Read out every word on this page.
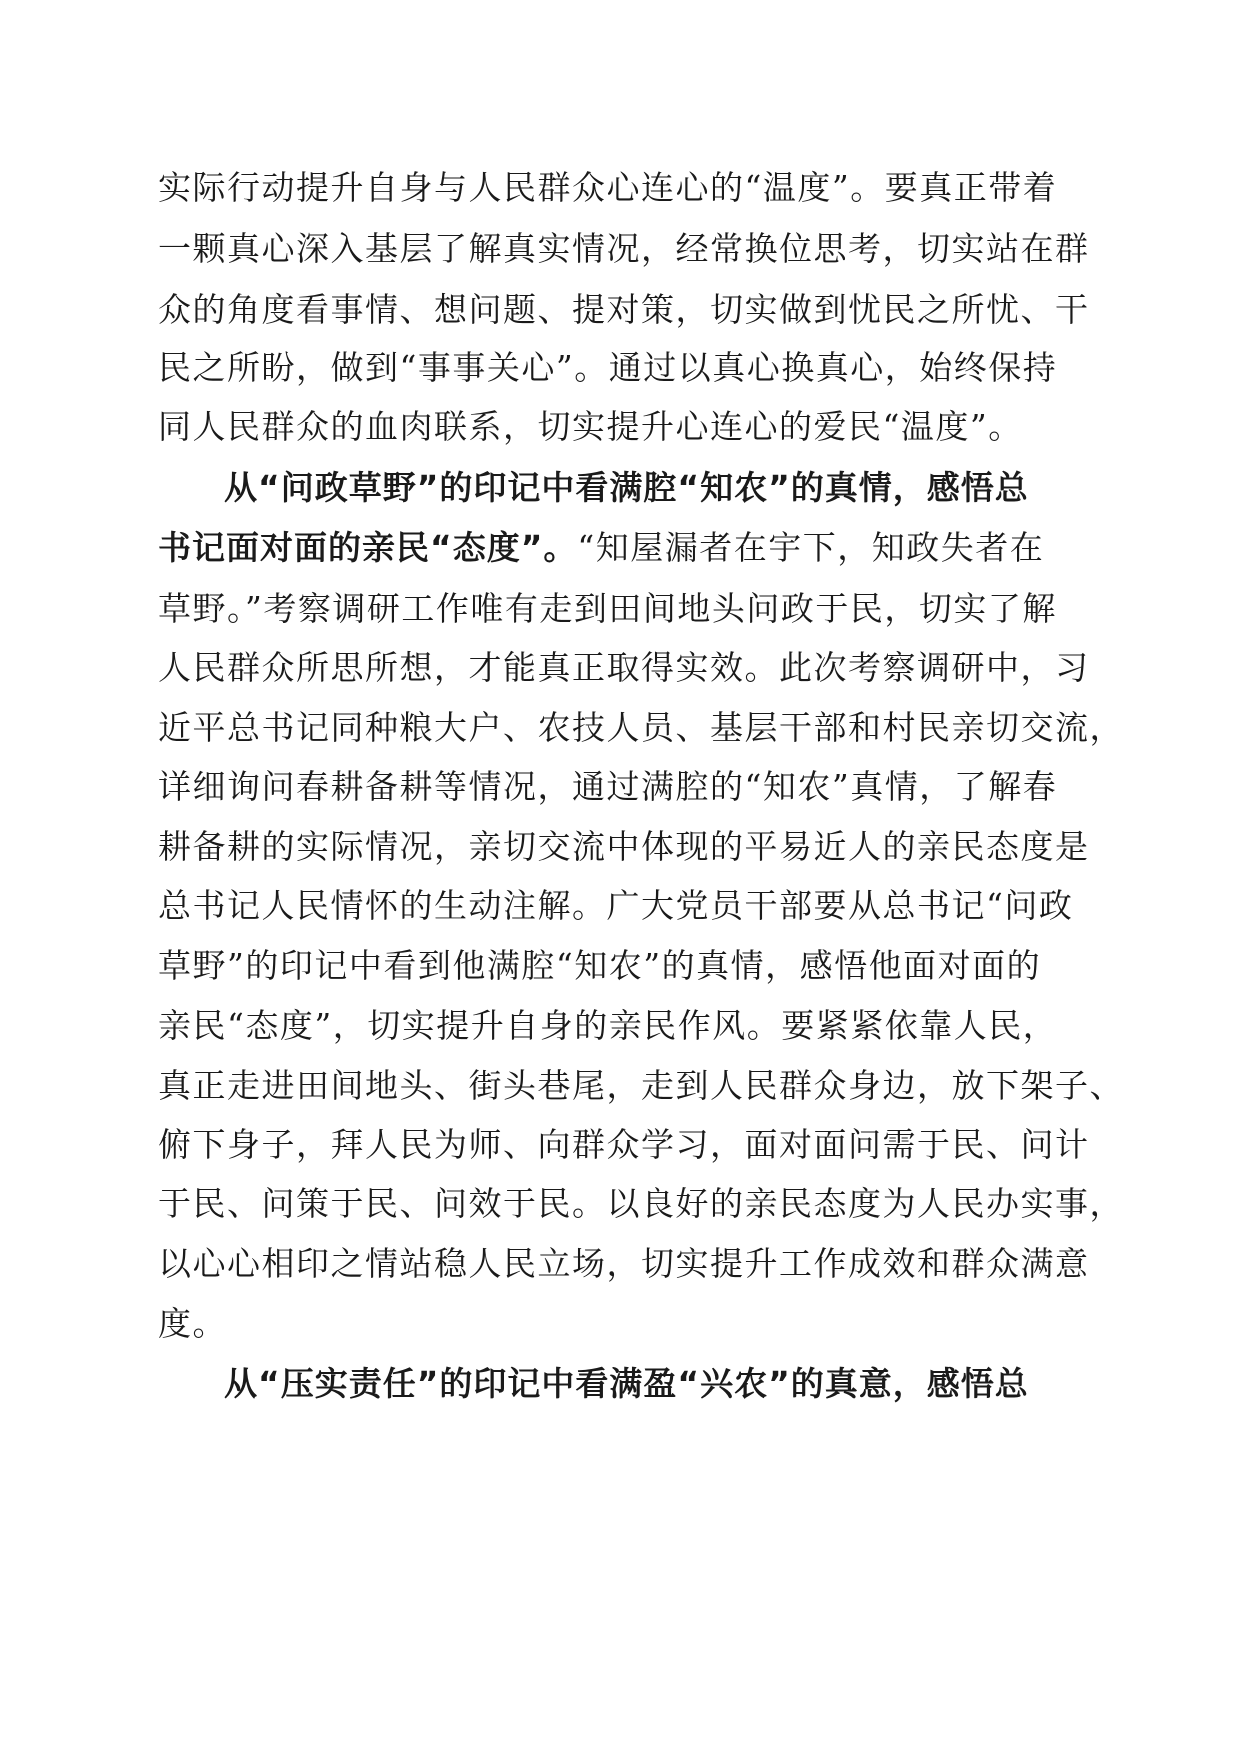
实际行动提升自身与人民群众心连心的“温度”。要真正带着
一颗真心深入基层了解真实情况，经常换位思考，切实站在群
众的角度看事情、想问题、提对策，切实做到忧民之所忧、干
民之所盼，做到“事事关心”。通过以真心换真心，始终保持
同人民群众的血肉联系，切实提升心连心的爱民“温度”。
从“问政草野”的印记中看满腔“知农”的真情，感悟总
书记面对面的亲民“态度”。“知屋漏者在宇下，知政失者在
草野。”考察调研工作唯有走到田间地头问政于民，切实了解
人民群众所思所想，才能真正取得实效。此次考察调研中，习
近平总书记同种粮大户、农技人员、基层干部和村民亲切交流，
详细询问春耕备耕等情况，通过满腔的“知农”真情，了解春
耕备耕的实际情况，亲切交流中体现的平易近人的亲民态度是
总书记人民情怀的生动注解。广大党员干部要从总书记“问政
草野”的印记中看到他满腔“知农”的真情，感悟他面对面的
亲民“态度”，切实提升自身的亲民作风。要紧紧依靠人民，
真正走进田间地头、街头巷尾，走到人民群众身边，放下架子、
俯下身子，拜人民为师、向群众学习，面对面问需于民、问计
于民、问策于民、问效于民。以良好的亲民态度为人民办实事，
以心心相印之情站稳人民立场，切实提升工作成效和群众满意
度。
从“压实责任”的印记中看满盈“兴农”的真意，感悟总
